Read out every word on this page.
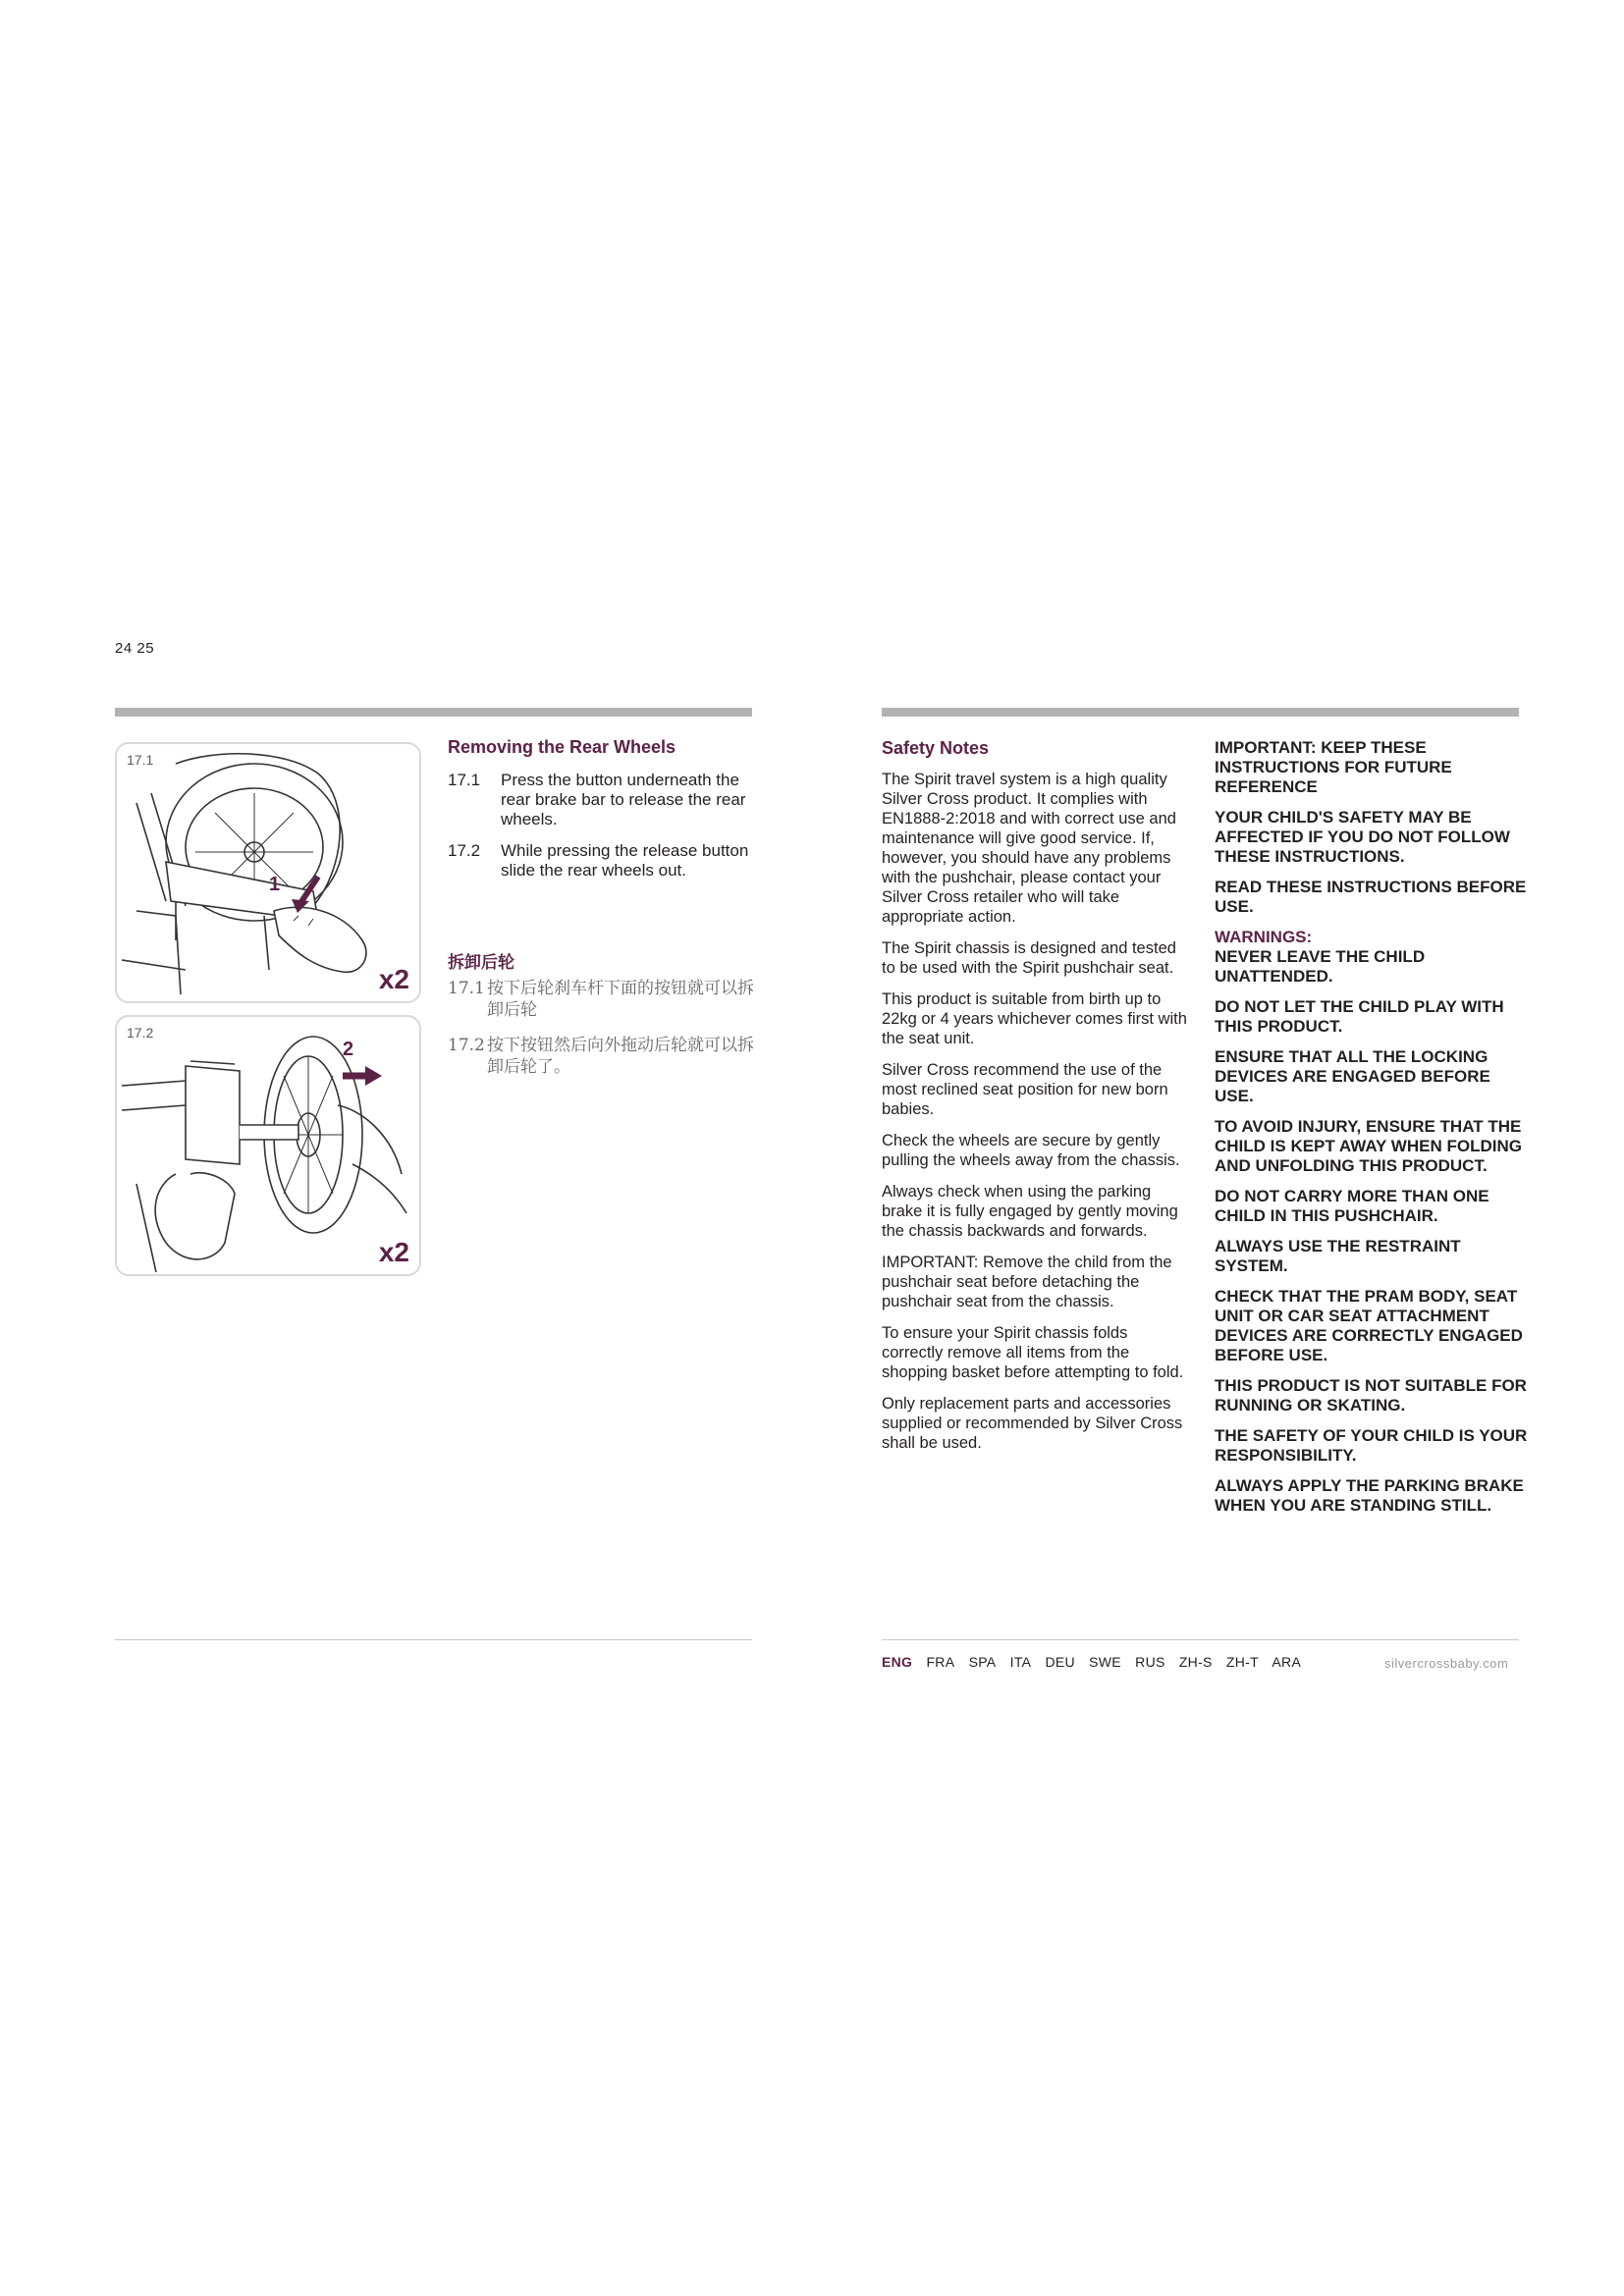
24 25
17.1
1
x2
17.2
2
x2
Removing the Rear Wheels
17.1	Press the button underneath the rear brake bar to release the rear wheels.
17.2	While pressing the release button slide the rear wheels out.
拆卸后轮
17.1 按下后轮刹车杆下面的按钮就可以拆卸后轮
17.2 按下按钮然后向外拖动后轮就可以拆卸后轮了。
Safety Notes

The Spirit travel system is a high quality Silver Cross product. It complies with EN1888-2:2018 and with correct use and maintenance will give good service. If, however, you should have any problems with the pushchair, please contact your Silver Cross retailer who will take appropriate action.

The Spirit chassis is designed and tested to be used with the Spirit pushchair seat.

This product is suitable from birth up to 22kg or 4 years whichever comes first with the seat unit.

Silver Cross recommend the use of the most reclined seat position for new born babies.

Check the wheels are secure by gently pulling the wheels away from the chassis.

Always check when using the parking brake it is fully engaged by gently moving the chassis backwards and forwards.

IMPORTANT: Remove the child from the pushchair seat before detaching the pushchair seat from the chassis.

To ensure your Spirit chassis folds correctly remove all items from the shopping basket before attempting to fold.

Only replacement parts and accessories supplied or recommended by Silver Cross shall be used.

IMPORTANT: KEEP THESE INSTRUCTIONS FOR FUTURE REFERENCE

YOUR CHILD'S SAFETY MAY BE AFFECTED IF YOU DO NOT FOLLOW THESE INSTRUCTIONS.

READ THESE INSTRUCTIONS BEFORE USE.

WARNINGS:

NEVER LEAVE THE CHILD UNATTENDED.

DO NOT LET THE CHILD PLAY WITH THIS PRODUCT.

ENSURE THAT ALL THE LOCKING DEVICES ARE ENGAGED BEFORE USE.

TO AVOID INJURY, ENSURE THAT THE CHILD IS KEPT AWAY WHEN FOLDING AND UNFOLDING THIS PRODUCT.

DO NOT CARRY MORE THAN ONE CHILD IN THIS PUSHCHAIR.

ALWAYS USE THE RESTRAINT SYSTEM.

CHECK THAT THE PRAM BODY, SEAT UNIT OR CAR SEAT ATTACHMENT DEVICES ARE CORRECTLY ENGAGED BEFORE USE.

THIS PRODUCT IS NOT SUITABLE FOR RUNNING OR SKATING.

THE SAFETY OF YOUR CHILD IS YOUR RESPONSIBILITY.

ALWAYS APPLY THE PARKING BRAKE WHEN YOU ARE STANDING STILL.

ENG FRA SPA ITA DEU SWE RUS ZH-S ZH-T ARA	silvercrossbaby.com
